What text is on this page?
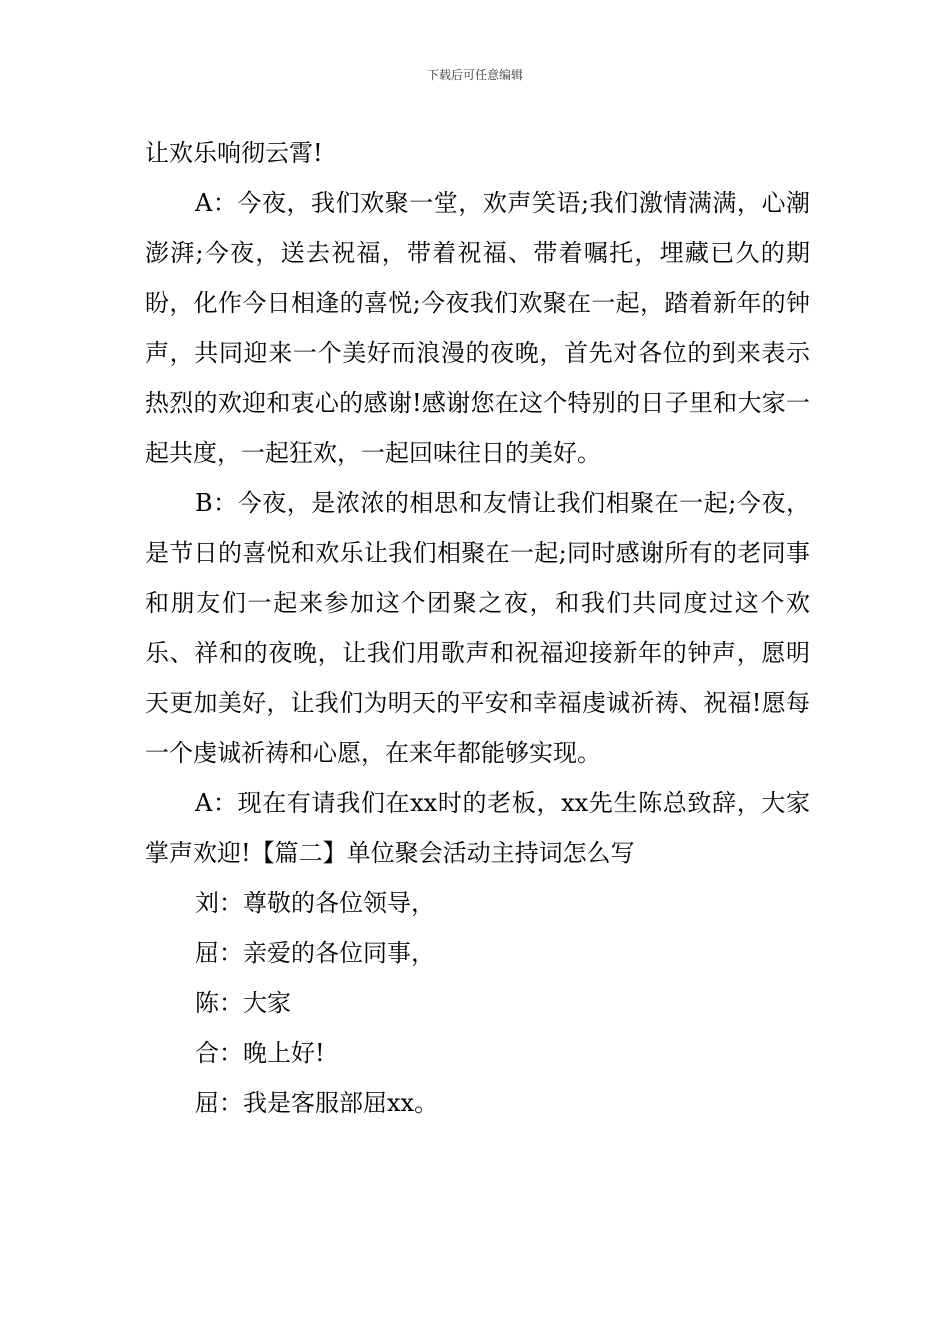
下载后可任意编辑

让欢乐响彻云霄!

A：今夜，我们欢聚一堂，欢声笑语;我们激情满满，心潮澎湃;今夜，送去祝福，带着祝福、带着嘱托，埋藏已久的期盼，化作今日相逢的喜悦;今夜我们欢聚在一起，踏着新年的钟声，共同迎来一个美好而浪漫的夜晚，首先对各位的到来表示热烈的欢迎和衷心的感谢!感谢您在这个特别的日子里和大家一起共度，一起狂欢，一起回味往日的美好。

B：今夜，是浓浓的相思和友情让我们相聚在一起;今夜，是节日的喜悦和欢乐让我们相聚在一起;同时感谢所有的老同事和朋友们一起来参加这个团聚之夜，和我们共同度过这个欢乐、祥和的夜晚，让我们用歌声和祝福迎接新年的钟声，愿明天更加美好，让我们为明天的平安和幸福虔诚祈祷、祝福!愿每一个虔诚祈祷和心愿，在来年都能够实现。

A：现在有请我们在xx时的老板，xx先生陈总致辞，大家掌声欢迎!【篇二】单位聚会活动主持词怎么写

刘：尊敬的各位领导，

屈：亲爱的各位同事，

陈：大家

合：晚上好!

屈：我是客服部屈xx。
